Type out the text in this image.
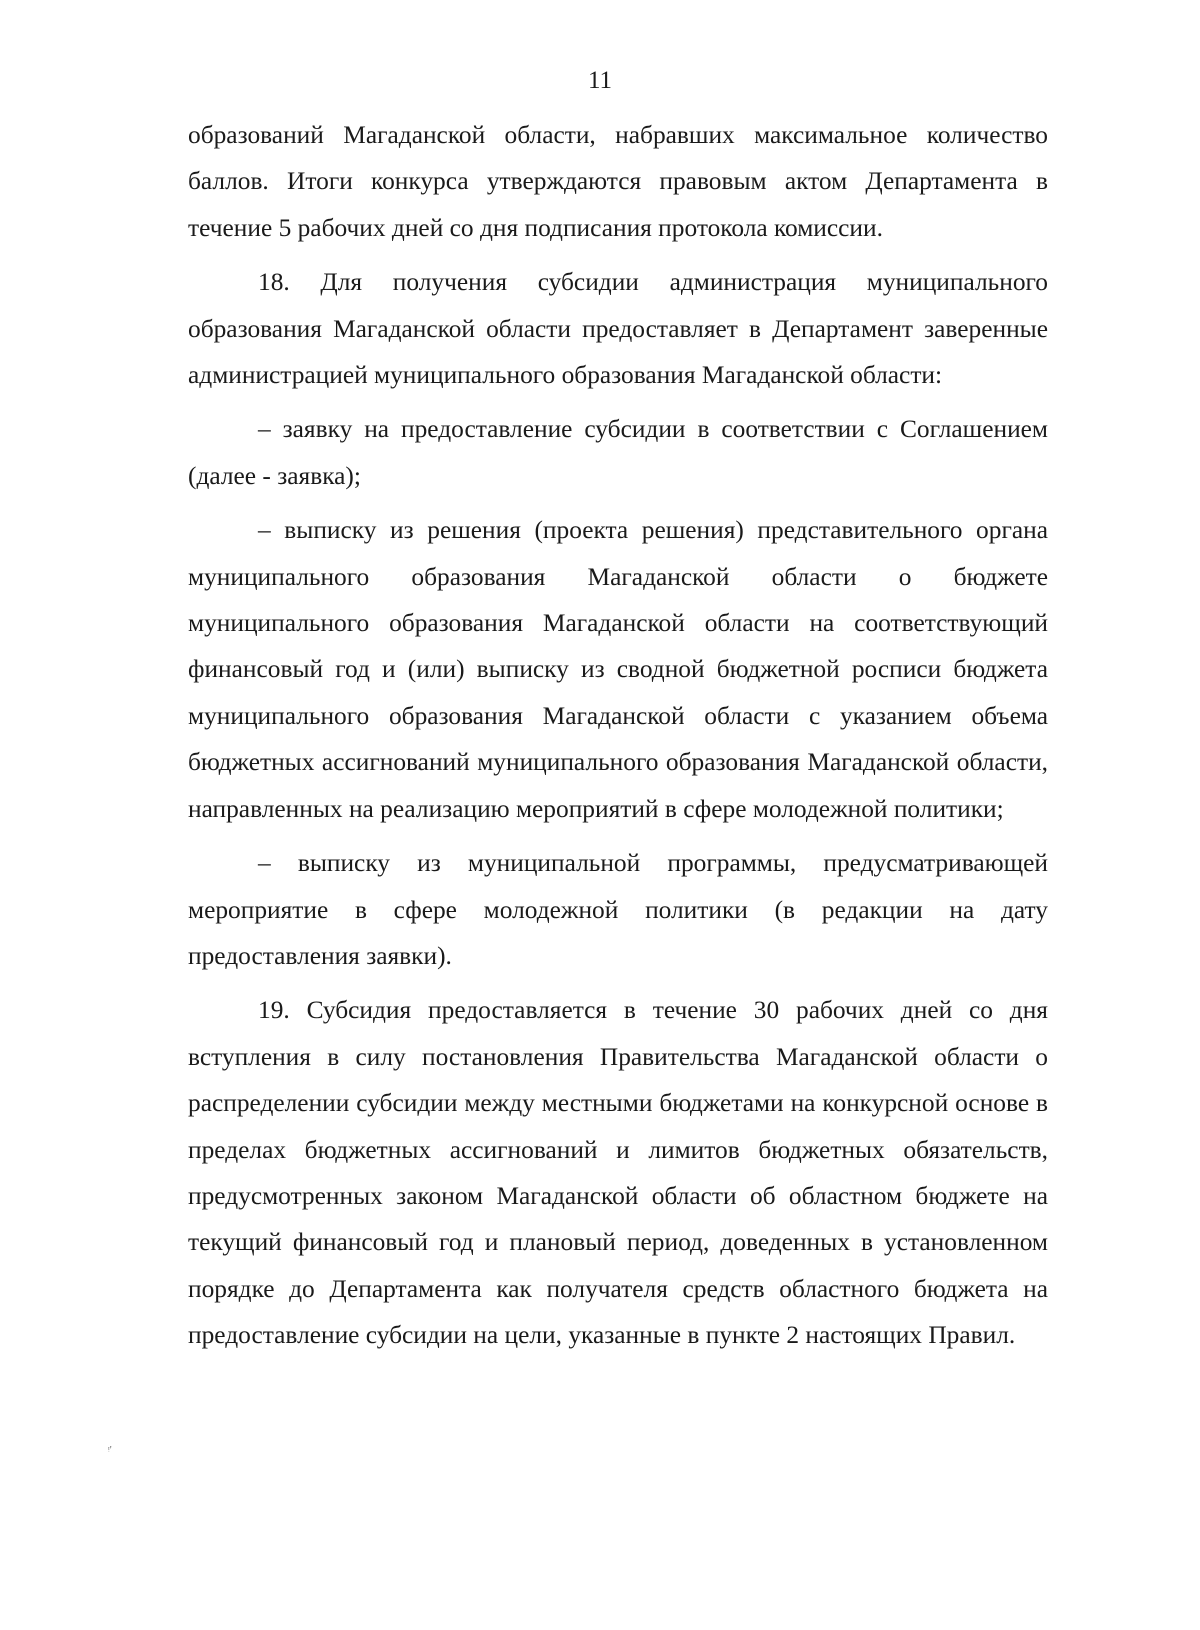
11

образований Магаданской области, набравших максимальное количество баллов. Итоги конкурса утверждаются правовым актом Департамента в течение 5 рабочих дней со дня подписания протокола комиссии.

18. Для получения субсидии администрация муниципального образования Магаданской области предоставляет в Департамент заверенные администрацией муниципального образования Магаданской области:

– заявку на предоставление субсидии в соответствии с Соглашением (далее - заявка);

– выписку из решения (проекта решения) представительного органа муниципального образования Магаданской области о бюджете муниципального образования Магаданской области на соответствующий финансовый год и (или) выписку из сводной бюджетной росписи бюджета муниципального образования Магаданской области с указанием объема бюджетных ассигнований муниципального образования Магаданской области, направленных на реализацию мероприятий в сфере молодежной политики;

– выписку из муниципальной программы, предусматривающей мероприятие в сфере молодежной политики (в редакции на дату предоставления заявки).

19. Субсидия предоставляется в течение 30 рабочих дней со дня вступления в силу постановления Правительства Магаданской области о распределении субсидии между местными бюджетами на конкурсной основе в пределах бюджетных ассигнований и лимитов бюджетных обязательств, предусмотренных законом Магаданской области об областном бюджете на текущий финансовый год и плановый период, доведенных в установленном порядке до Департамента как получателя средств областного бюджета на предоставление субсидии на цели, указанные в пункте 2 настоящих Правил.

ᵎ'
